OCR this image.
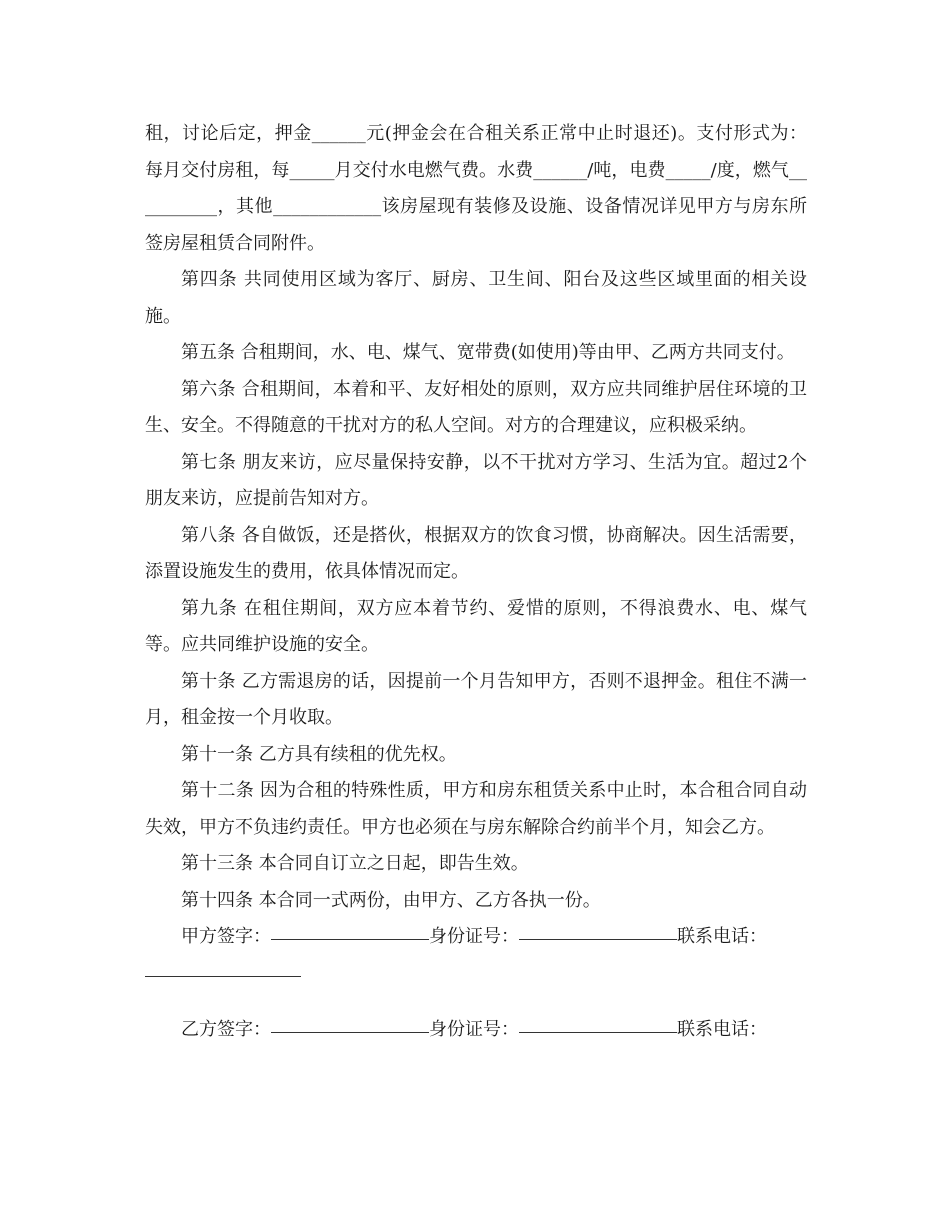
租，讨论后定，押金______元(押金会在合租关系正常中止时退还)。支付形式为：每月交付房租，每_____月交付水电燃气费。水费______/吨，电费_____/度，燃气__________，其他____________该房屋现有装修及设施、设备情况详见甲方与房东所签房屋租赁合同附件。

第四条 共同使用区域为客厅、厨房、卫生间、阳台及这些区域里面的相关设施。

第五条 合租期间，水、电、煤气、宽带费(如使用)等由甲、乙两方共同支付。

第六条 合租期间，本着和平、友好相处的原则，双方应共同维护居住环境的卫生、安全。不得随意的干扰对方的私人空间。对方的合理建议，应积极采纳。

第七条 朋友来访，应尽量保持安静，以不干扰对方学习、生活为宜。超过2个朋友来访，应提前告知对方。

第八条 各自做饭，还是搭伙，根据双方的饮食习惯，协商解决。因生活需要，添置设施发生的费用，依具体情况而定。

第九条 在租住期间，双方应本着节约、爱惜的原则，不得浪费水、电、煤气等。应共同维护设施的安全。

第十条 乙方需退房的话，因提前一个月告知甲方，否则不退押金。租住不满一月，租金按一个月收取。

第十一条 乙方具有续租的优先权。

第十二条 因为合租的特殊性质，甲方和房东租赁关系中止时，本合租合同自动失效，甲方不负违约责任。甲方也必须在与房东解除合约前半个月，知会乙方。

第十三条 本合同自订立之日起，即告生效。

第十四条 本合同一式两份，由甲方、乙方各执一份。

甲方签字：	身份证号：	联系电话：

乙方签字：	身份证号：	联系电话：
